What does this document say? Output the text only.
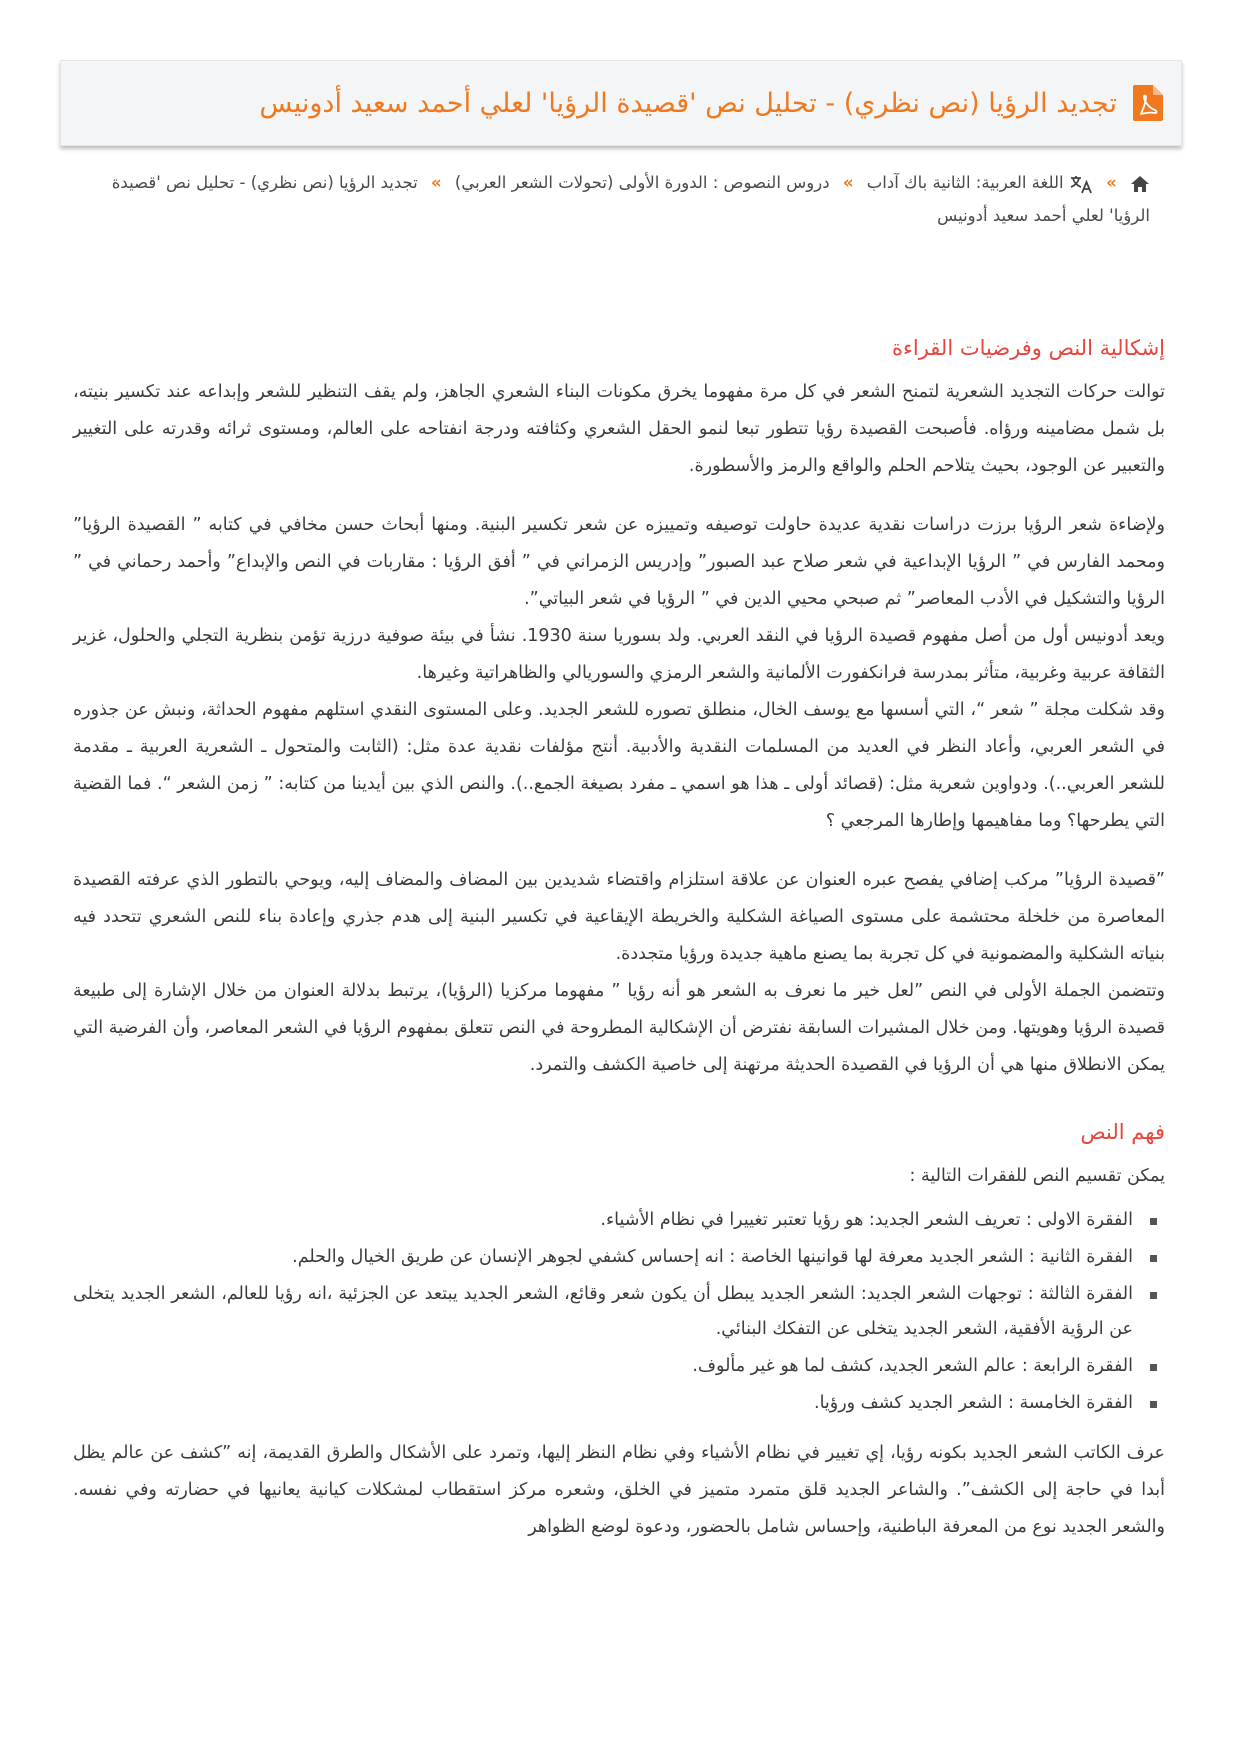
تجديد الرؤيا (نص نظري) - تحليل نص 'قصيدة الرؤيا' لعلي أحمد سعيد أدونيس
»  اللغة العربية: الثانية باك آداب » دروس النصوص : الدورة الأولى (تحولات الشعر العربي) » تجديد الرؤيا (نص نظري) - تحليل نص 'قصيدة الرؤيا' لعلي أحمد سعيد أدونيس
إشكالية النص وفرضيات القراءة

توالت حركات التجديد الشعرية لتمنح الشعر في كل مرة مفهوما يخرق مكونات البناء الشعري الجاهز، ولم يقف التنظير للشعر وإبداعه عند تكسير بنيته، بل شمل مضامينه ورؤاه. فأصبحت القصيدة رؤيا تتطور تبعا لنمو الحقل الشعري وكثافته ودرجة انفتاحه على العالم، ومستوى ثرائه وقدرته على التغيير والتعبير عن الوجود، بحيث يتلاحم الحلم والواقع والرمز والأسطورة.

ولإضاءة شعر الرؤيا برزت دراسات نقدية عديدة حاولت توصيفه وتمييزه عن شعر تكسير البنية. ومنها أبحاث حسن مخافي في كتابه ” القصيدة الرؤيا” ومحمد الفارس في ” الرؤيا الإبداعية في شعر صلاح عبد الصبور” وإدريس الزمراني في ” أفق الرؤيا : مقاربات في النص والإبداع” وأحمد رحماني في ” الرؤيا والتشكيل في الأدب المعاصر” ثم صبحي محيي الدين في ” الرؤيا في شعر البياتي”.

ويعد أدونيس أول من أصل مفهوم قصيدة الرؤيا في النقد العربي. ولد بسوريا سنة 1930. نشأ في بيئة صوفية درزية تؤمن بنظرية التجلي والحلول، غزير الثقافة عربية وغربية، متأثر بمدرسة فرانكفورت الألمانية والشعر الرمزي والسوريالي والظاهراتية وغيرها.

وقد شكلت مجلة ” شعر “، التي أسسها مع يوسف الخال، منطلق تصوره للشعر الجديد. وعلى المستوى النقدي استلهم مفهوم الحداثة، ونبش عن جذوره في الشعر العربي، وأعاد النظر في العديد من المسلمات النقدية والأدبية. أنتج مؤلفات نقدية عدة مثل: (الثابت والمتحول ـ الشعرية العربية ـ مقدمة للشعر العربي..). ودواوين شعرية مثل: (قصائد أولى ـ هذا هو اسمي ـ مفرد بصيغة الجمع..). والنص الذي بين أيدينا من كتابه: ” زمن الشعر “. فما القضية التي يطرحها؟ وما مفاهيمها وإطارها المرجعي ؟

”قصيدة الرؤيا” مركب إضافي يفصح عبره العنوان عن علاقة استلزام واقتضاء شديدين بين المضاف والمضاف إليه، ويوحي بالتطور الذي عرفته القصيدة المعاصرة من خلخلة محتشمة على مستوى الصياغة الشكلية والخريطة الإيقاعية في تكسير البنية إلى هدم جذري وإعادة بناء للنص الشعري تتحدد فيه بنياته الشكلية والمضمونية في كل تجربة بما يصنع ماهية جديدة ورؤيا متجددة.

وتتضمن الجملة الأولى في النص ”لعل خير ما نعرف به الشعر هو أنه رؤيا ” مفهوما مركزيا (الرؤيا)، يرتبط بدلالة العنوان من خلال الإشارة إلى طبيعة قصيدة الرؤيا وهويتها. ومن خلال المشيرات السابقة نفترض أن الإشكالية المطروحة في النص تتعلق بمفهوم الرؤيا في الشعر المعاصر، وأن الفرضية التي يمكن الانطلاق منها هي أن الرؤيا في القصيدة الحديثة مرتهنة إلى خاصية الكشف والتمرد.

فهم النص

يمكن تقسيم النص للفقرات التالية :

الفقرة الاولى : تعريف الشعر الجديد: هو رؤيا تعتبر تغييرا في نظام الأشياء.
الفقرة الثانية : الشعر الجديد معرفة لها قوانينها الخاصة : انه إحساس كشفي لجوهر الإنسان عن طريق الخيال والحلم.
الفقرة الثالثة : توجهات الشعر الجديد: الشعر الجديد يبطل أن يكون شعر وقائع، الشعر الجديد يبتعد عن الجزئية ،انه رؤيا للعالم، الشعر الجديد يتخلى عن الرؤية الأفقية، الشعر الجديد يتخلى عن التفكك البنائي.
الفقرة الرابعة : عالم الشعر الجديد، كشف لما هو غير مألوف.
الفقرة الخامسة : الشعر الجديد كشف ورؤيا.

عرف الكاتب الشعر الجديد بكونه رؤيا، إي تغيير في نظام الأشياء وفي نظام النظر إليها، وتمرد على الأشكال والطرق القديمة، إنه ”كشف عن عالم يظل أبدا في حاجة إلى الكشف”. والشاعر الجديد قلق متمرد متميز في الخلق، وشعره مركز استقطاب لمشكلات كيانية يعانيها في حضارته وفي نفسه. والشعر الجديد نوع من المعرفة الباطنية، وإحساس شامل بالحضور، ودعوة لوضع الظواهر
